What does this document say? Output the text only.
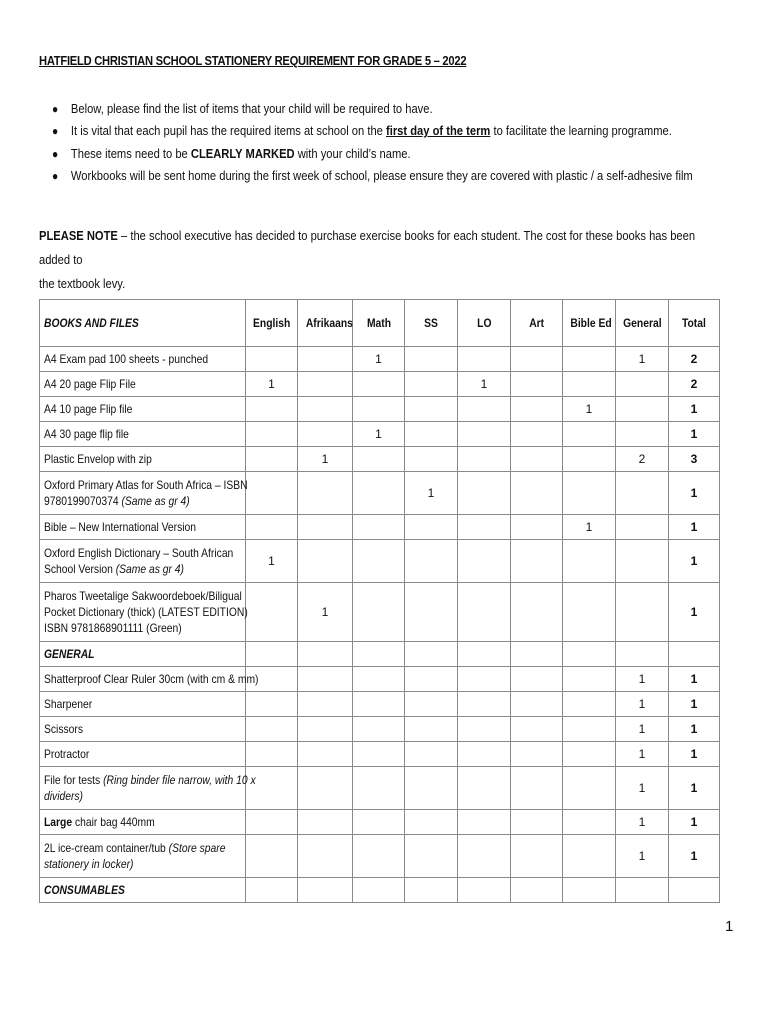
HATFIELD CHRISTIAN SCHOOL STATIONERY REQUIREMENT FOR GRADE 5 – 2022
● Below, please find the list of items that your child will be required to have.
● It is vital that each pupil has the required items at school on the first day of the term to facilitate the learning programme.
● These items need to be CLEARLY MARKED with your child’s name.
● Workbooks will be sent home during the first week of school, please ensure they are covered with plastic / a self-adhesive film
PLEASE NOTE – the school executive has decided to purchase exercise books for each student. The cost for these books has been added to
the textbook levy.
BOOKS AND FILES	English	Afrikaans	Math	SS	LO	Art	Bible Ed	General	Total
A4 Exam pad 100 sheets - punched			1					1	2
A4 20 page Flip File	1				1				2
A4 10 page Flip file							1		1
A4 30 page flip file			1						1
Plastic Envelop with zip		1						2	3
Oxford Primary Atlas for South Africa – ISBN
9780199070374 (Same as gr 4)				1					1
Bible – New International Version							1		1
Oxford English Dictionary – South African
School Version (Same as gr 4)	1								1
Pharos Tweetalige Sakwoordeboek/Biligual
Pocket Dictionary (thick) (LATEST EDITION)
ISBN 9781868901111 (Green)		1							1
GENERAL									
Shatterproof Clear Ruler 30cm (with cm & mm)								1	1
Sharpener								1	1
Scissors								1	1
Protractor								1	1
File for tests (Ring binder file narrow, with 10 x
dividers)								1	1
Large chair bag 440mm								1	1
2L ice-cream container/tub (Store spare
stationery in locker)								1	1
CONSUMABLES									
1
